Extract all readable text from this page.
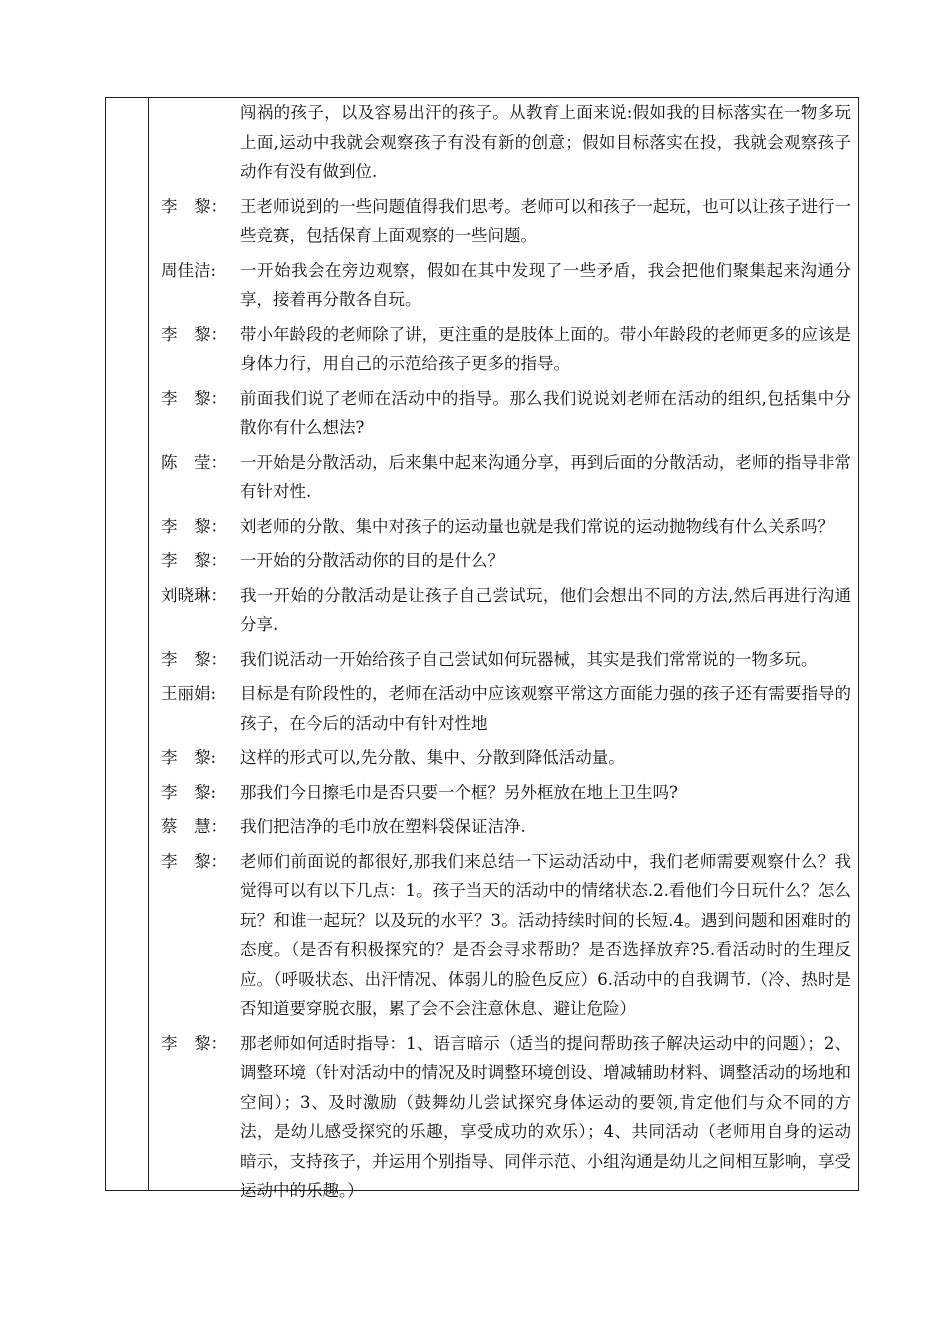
闯祸的孩子，以及容易出汗的孩子。从教育上面来说:假如我的目标落实在一物多玩上面,运动中我就会观察孩子有没有新的创意；假如目标落实在投，我就会观察孩子动作有没有做到位.
李　黎： 王老师说到的一些问题值得我们思考。老师可以和孩子一起玩，也可以让孩子进行一些竞赛，包括保育上面观察的一些问题。
周佳洁:	一开始我会在旁边观察，假如在其中发现了一些矛盾，我会把他们聚集起来沟通分享，接着再分散各自玩。
李　黎： 带小年龄段的老师除了讲，更注重的是肢体上面的。带小年龄段的老师更多的应该是身体力行，用自己的示范给孩子更多的指导。
李　黎： 前面我们说了老师在活动中的指导。那么我们说说刘老师在活动的组织,包括集中分散你有什么想法?
陈　莹： 一开始是分散活动，后来集中起来沟通分享，再到后面的分散活动，老师的指导非常有针对性.
李　黎： 刘老师的分散、集中对孩子的运动量也就是我们常说的运动抛物线有什么关系吗？
李　黎： 一开始的分散活动你的目的是什么？
刘晓琳： 我一开始的分散活动是让孩子自己尝试玩，他们会想出不同的方法,然后再进行沟通分享.
李　黎： 我们说活动一开始给孩子自己尝试如何玩器械，其实是我们常常说的一物多玩。
王丽娟:	目标是有阶段性的，老师在活动中应该观察平常这方面能力强的孩子还有需要指导的孩子，在今后的活动中有针对性地
李　黎:	这样的形式可以,先分散、集中、分散到降低活动量。
李　黎:	那我们今日擦毛巾是否只要一个框？另外框放在地上卫生吗?
蔡　慧： 我们把洁净的毛巾放在塑料袋保证洁净.
李　黎： 老师们前面说的都很好,那我们来总结一下运动活动中，我们老师需要观察什么？我觉得可以有以下几点：1。孩子当天的活动中的情绪状态.2.看他们今日玩什么？怎么玩？和谁一起玩？以及玩的水平？3。活动持续时间的长短.4。遇到问题和困难时的态度。（是否有积极探究的？是否会寻求帮助？是否选择放弃?5.看活动时的生理反应。（呼吸状态、出汗情况、体弱儿的脸色反应）6.活动中的自我调节.（冷、热时是否知道要穿脱衣服，累了会不会注意休息、避让危险）
李　黎： 那老师如何适时指导：1、语言暗示（适当的提问帮助孩子解决运动中的问题）；2、调整环境（针对活动中的情况及时调整环境创设、增减辅助材料、调整活动的场地和空间）；3、及时激励（鼓舞幼儿尝试探究身体运动的要领,肯定他们与众不同的方法，是幼儿感受探究的乐趣，享受成功的欢乐）；4、共同活动（老师用自身的运动暗示，支持孩子，并运用个别指导、同伴示范、小组沟通是幼儿之间相互影响，享受运动中的乐趣。）
